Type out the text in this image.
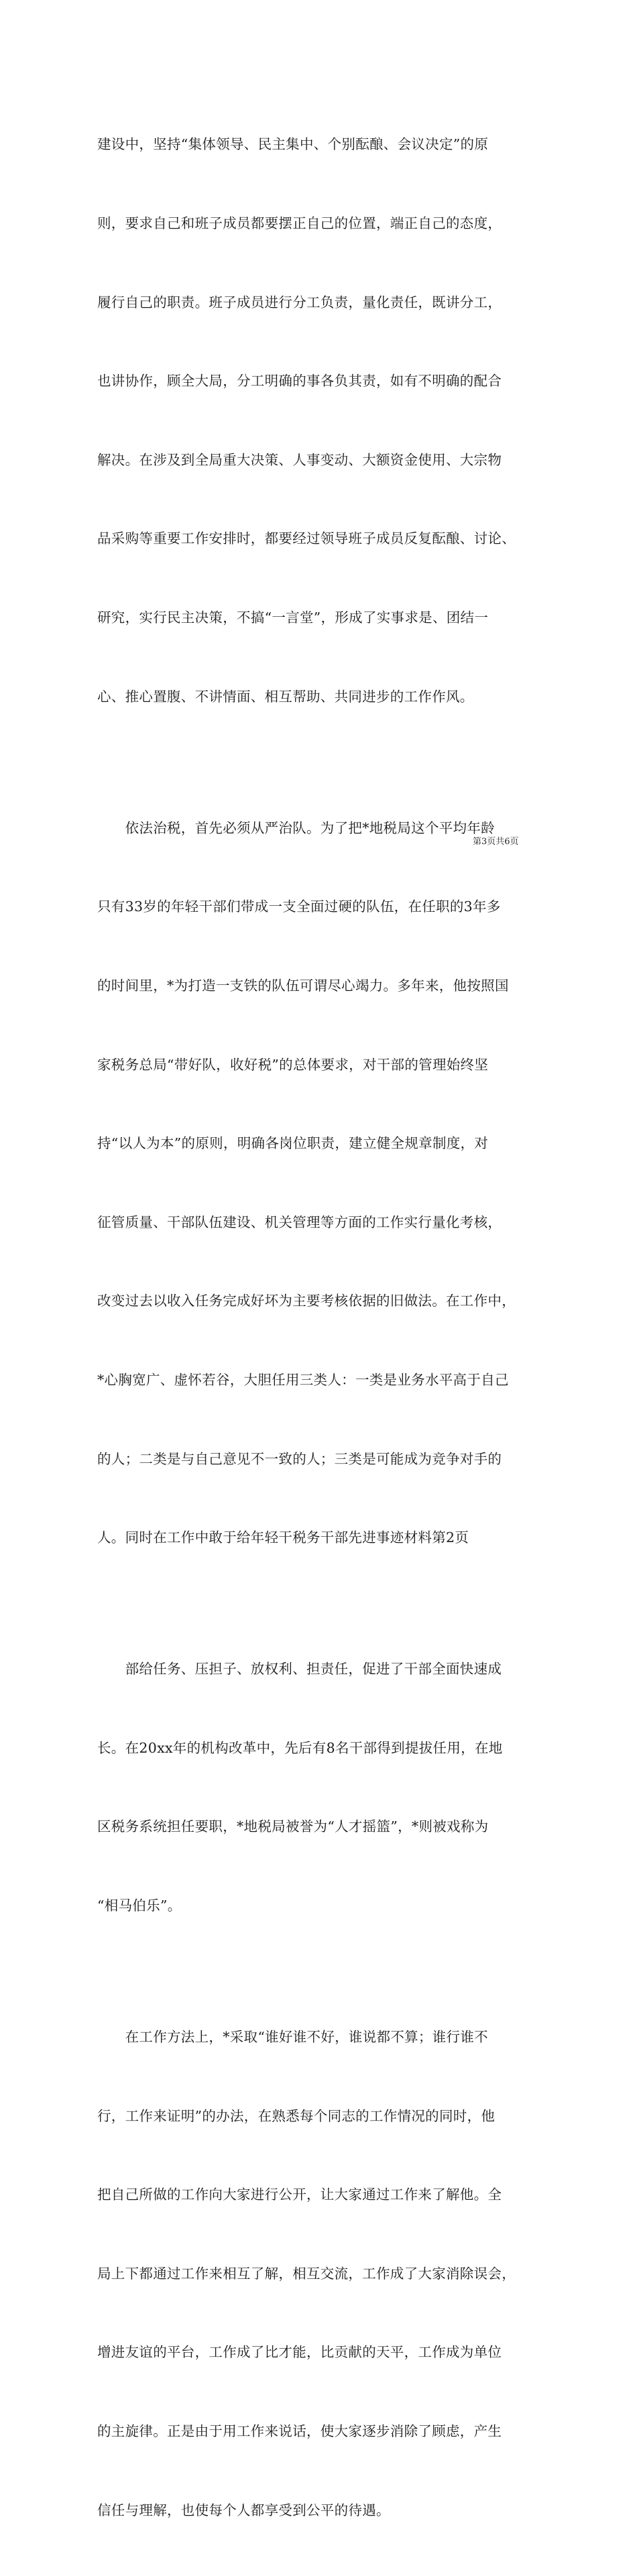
建设中，坚持“集体领导、民主集中、个别酝酿、会议决定”的原

则，要求自己和班子成员都要摆正自己的位置，端正自己的态度，

履行自己的职责。班子成员进行分工负责，量化责任，既讲分工，

也讲协作，顾全大局，分工明确的事各负其责，如有不明确的配合

解决。在涉及到全局重大决策、人事变动、大额资金使用、大宗物

品采购等重要工作安排时，都要经过领导班子成员反复酝酿、讨论、

研究，实行民主决策，不搞“一言堂”，形成了实事求是、团结一

心、推心置腹、不讲情面、相互帮助、共同进步的工作作风。

　　依法治税，首先必须从严治队。为了把*地税局这个平均年龄

只有33岁的年轻干部们带成一支全面过硬的队伍，在任职的3年多

的时间里，*为打造一支铁的队伍可谓尽心竭力。多年来，他按照国

家税务总局“带好队，收好税”的总体要求，对干部的管理始终坚

持“以人为本”的原则，明确各岗位职责，建立健全规章制度，对

征管质量、干部队伍建设、机关管理等方面的工作实行量化考核，

改变过去以收入任务完成好坏为主要考核依据的旧做法。在工作中，

*心胸宽广、虚怀若谷，大胆任用三类人：一类是业务水平高于自己

的人；二类是与自己意见不一致的人；三类是可能成为竞争对手的

人。同时在工作中敢于给年轻干税务干部先进事迹材料第2页

　　部给任务、压担子、放权利、担责任，促进了干部全面快速成

长。在20xx年的机构改革中，先后有8名干部得到提拔任用，在地

区税务系统担任要职，*地税局被誉为“人才摇篮”，*则被戏称为

“相马伯乐”。

　　在工作方法上，*采取“谁好谁不好，谁说都不算；谁行谁不

行，工作来证明”的办法，在熟悉每个同志的工作情况的同时，他

把自己所做的工作向大家进行公开，让大家通过工作来了解他。全

局上下都通过工作来相互了解，相互交流，工作成了大家消除误会，

增进友谊的平台，工作成了比才能，比贡献的天平，工作成为单位

的主旋律。正是由于用工作来说话，使大家逐步消除了顾虑，产生

信任与理解，也使每个人都享受到公平的待遇。

第3页共6页
